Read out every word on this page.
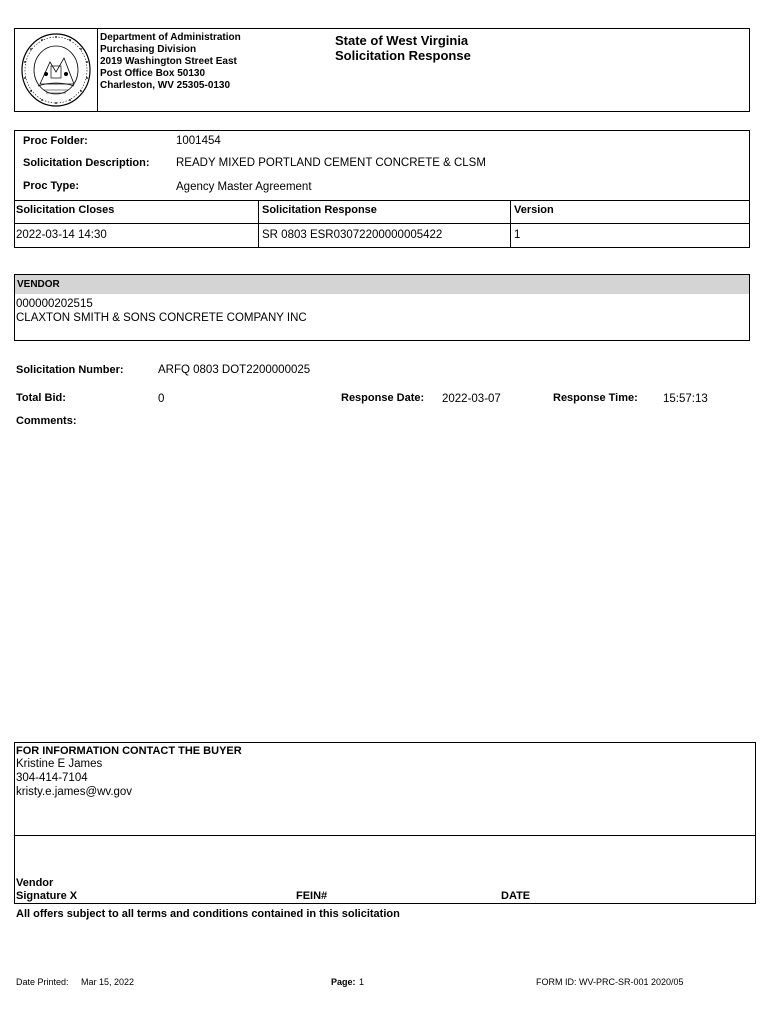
Department of Administration
Purchasing Division
2019 Washington Street East
Post Office Box 50130
Charleston, WV 25305-0130
State of West Virginia
Solicitation Response
Proc Folder:	1001454
Solicitation Description: READY MIXED PORTLAND CEMENT CONCRETE & CLSM
Proc Type:	Agency Master Agreement
Solicitation Closes	Solicitation Response	Version
2022-03-14 14:30	SR 0803 ESR03072200000005422	1
VENDOR
000000202515
CLAXTON SMITH & SONS CONCRETE COMPANY INC
Solicitation Number:	ARFQ 0803 DOT2200000025
Total Bid:	0	Response Date: 2022-03-07	Response Time: 15:57:13
Comments:
FOR INFORMATION CONTACT THE BUYER
Kristine E James
304-414-7104
kristy.e.james@wv.gov
Vendor
Signature X	FEIN#	DATE
All offers subject to all terms and conditions contained in this solicitation
Date Printed: Mar 15, 2022	Page: 1	FORM ID: WV-PRC-SR-001 2020/05
